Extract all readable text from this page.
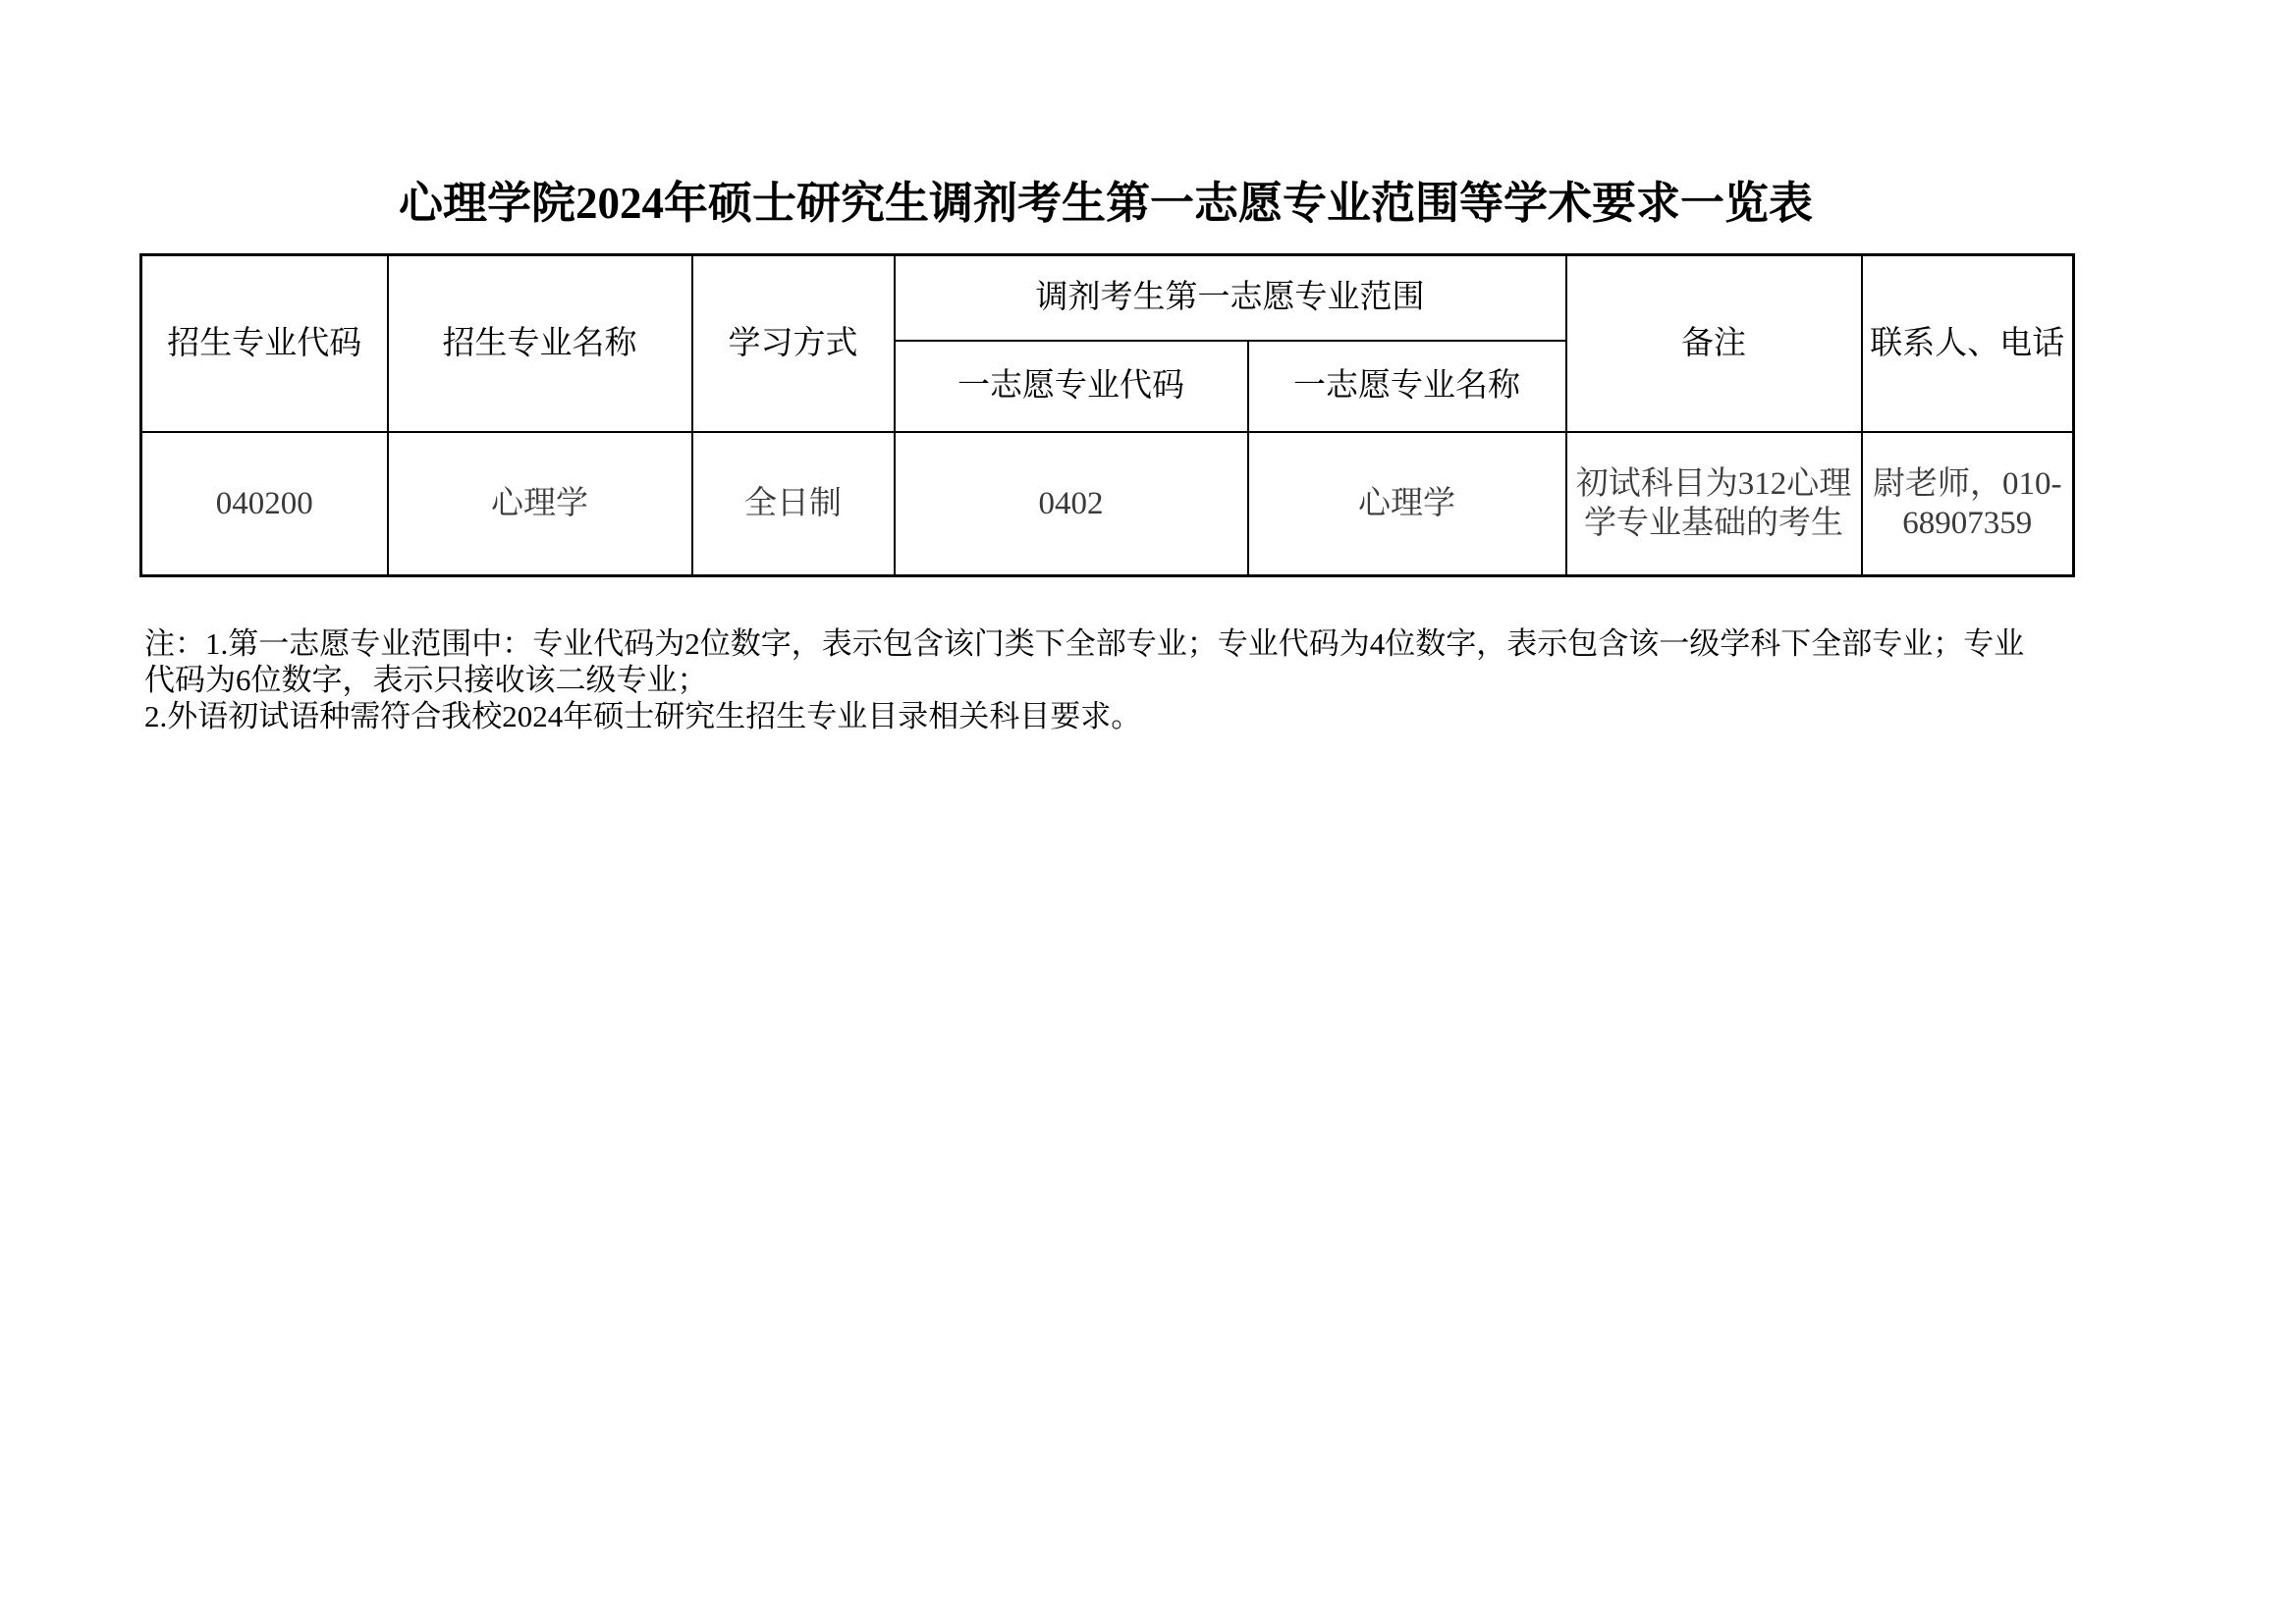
心理学院2024年硕士研究生调剂考生第一志愿专业范围等学术要求一览表
招生专业代码	招生专业名称	学习方式	调剂考生第一志愿专业范围		备注	联系人、电话
			一志愿专业代码	一志愿专业名称		
040200	心理学	全日制	0402	心理学	初试科目为312心理学专业基础的考生	尉老师，010-68907359

注：1.第一志愿专业范围中：专业代码为2位数字，表示包含该门类下全部专业；专业代码为4位数字，表示包含该一级学科下全部专业；专业代码为6位数字，表示只接收该二级专业；

2.外语初试语种需符合我校2024年硕士研究生招生专业目录相关科目要求。
